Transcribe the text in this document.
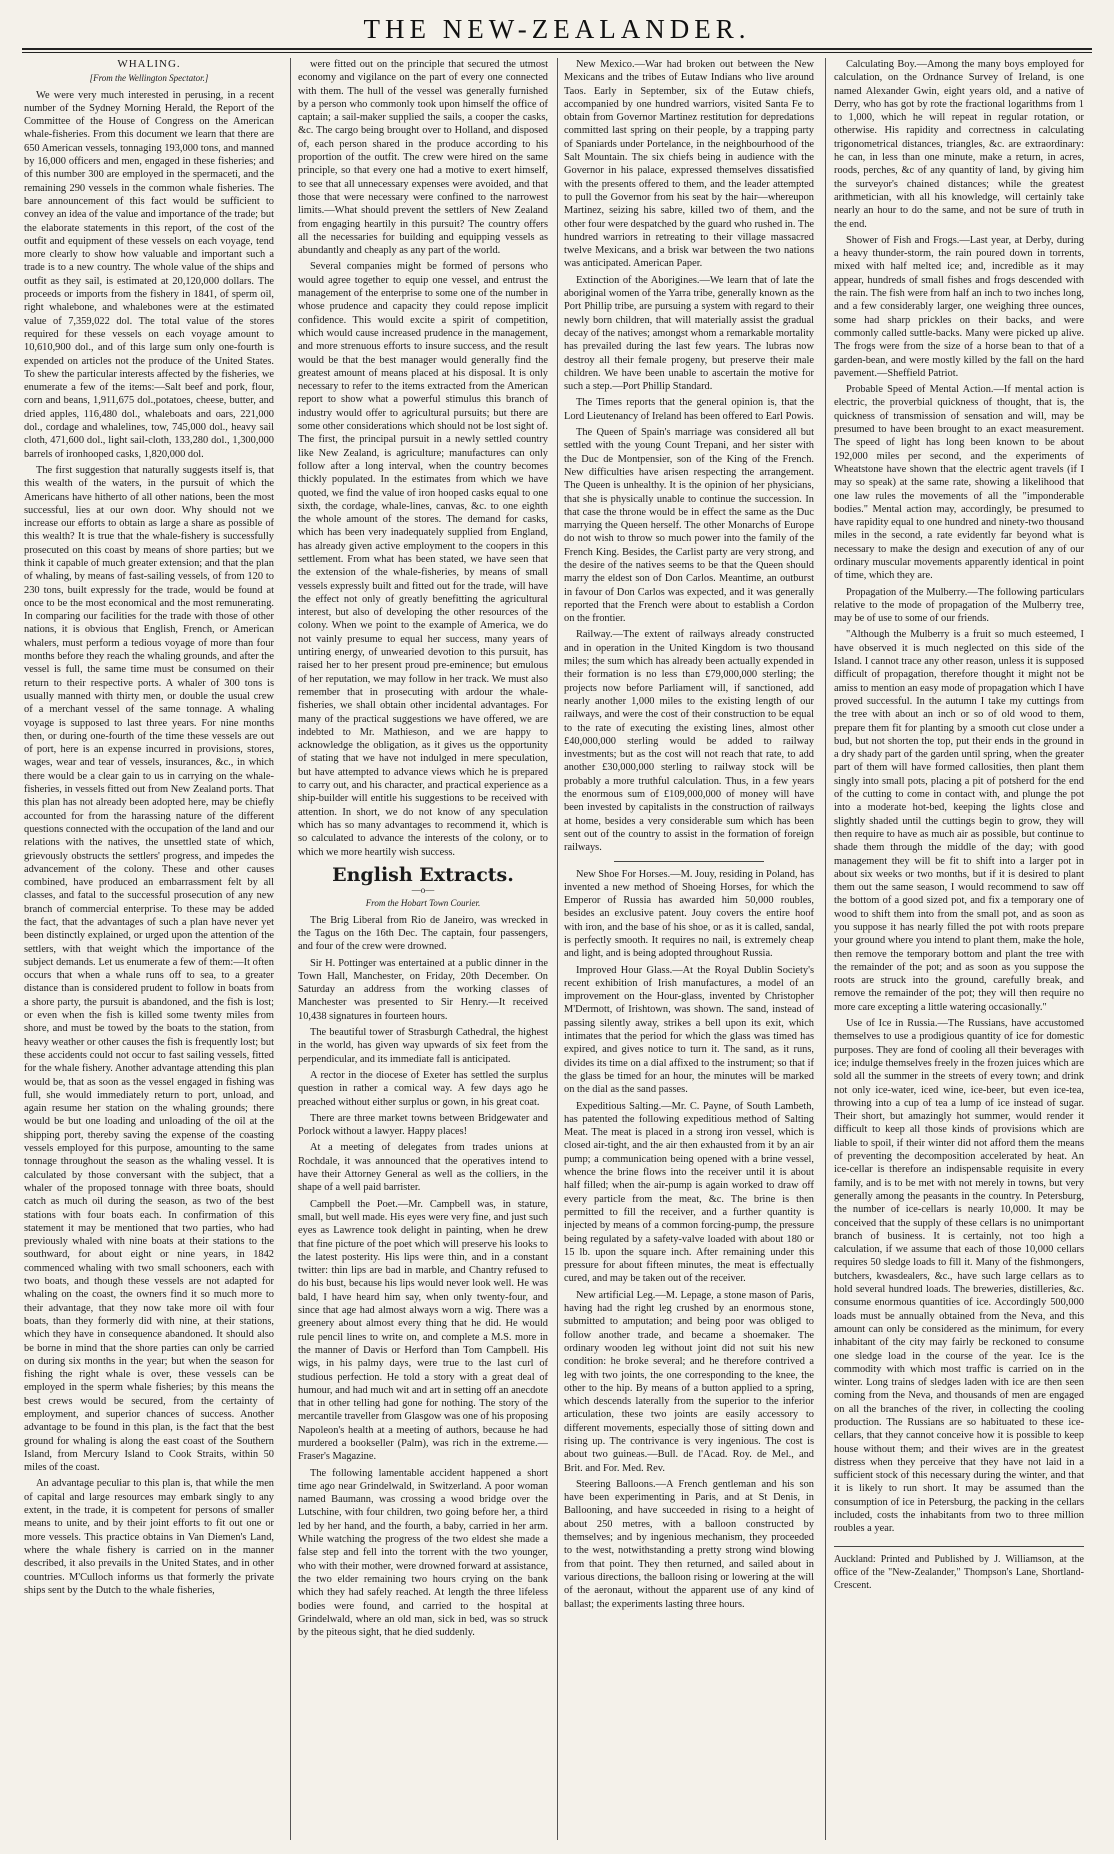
THE NEW-ZEALANDER.
WHALING.
[From the Wellington Spectator.]

We were very much interested in perusing, in a recent number of the Sydney Morning Herald, the Report of the Committee of the House of Congress on the American whale-fisheries. From this document we learn that there are 650 American vessels, tonnaging 193,000 tons, and manned by 16,000 officers and men, engaged in these fisheries; and of this number 300 are employed in the spermaceti, and the remaining 290 vessels in the common whale fisheries. The bare announcement of this fact would be sufficient to convey an idea of the value and importance of the trade; but the elaborate statements in this report, of the cost of the outfit and equipment of these vessels on each voyage, tend more clearly to show how valuable and important such a trade is to a new country. The whole value of the ships and outfit as they sail, is estimated at 20,120,000 dollars. The proceeds or imports from the fishery in 1841, of sperm oil, right whalebone, and whalebones were at the estimated value of 7,359,022 dol. The total value of the stores required for these vessels on each voyage amount to 10,610,900 dol., and of this large sum only one-fourth is expended on articles not the produce of the United States. To shew the particular interests affected by the fisheries, we enumerate a few of the items:—Salt beef and pork, flour, corn and beans, 1,911,675 dol.,potatoes, cheese, butter, and dried apples, 116,480 dol., whaleboats and oars, 221,000 dol., cordage and whalelines, tow, 745,000 dol., heavy sail cloth, 471,600 dol., light sail-cloth, 133,280 dol., 1,300,000 barrels of ironhooped casks, 1,820,000 dol.

The first suggestion that naturally suggests itself is, that this wealth of the waters, in the pursuit of which the Americans have hitherto of all other nations, been the most successful, lies at our own door. Why should not we increase our efforts to obtain as large a share as possible of this wealth? It is true that the whale-fishery is successfully prosecuted on this coast by means of shore parties; but we think it capable of much greater extension; and that the plan of whaling, by means of fast-sailing vessels, of from 120 to 230 tons, built expressly for the trade, would be found at once to be the most economical and the most remunerating. In comparing our facilities for the trade with those of other nations, it is obvious that English, French, or American whalers, must perform a tedious voyage of more than four months before they reach the whaling grounds, and after the vessel is full, the same time must be consumed on their return to their respective ports. A whaler of 300 tons is usually manned with thirty men, or double the usual crew of a merchant vessel of the same tonnage. A whaling voyage is supposed to last three years. For nine months then, or during one-fourth of the time these vessels are out of port, here is an expense incurred in provisions, stores, wages, wear and tear of vessels, insurances, &c., in which there would be a clear gain to us in carrying on the whale-fisheries, in vessels fitted out from New Zealand ports. That this plan has not already been adopted here, may be chiefly accounted for from the harassing nature of the different questions connected with the occupation of the land and our relations with the natives, the unsettled state of which, grievously obstructs the settlers' progress, and impedes the advancement of the colony. These and other causes combined, have produced an embarrassment felt by all classes, and fatal to the successful prosecution of any new branch of commercial enterprise. To these may be added the fact, that the advantages of such a plan have never yet been distinctly explained, or urged upon the attention of the settlers, with that weight which the importance of the subject demands. Let us enumerate a few of them:—It often occurs that when a whale runs off to sea, to a greater distance than is considered prudent to follow in boats from a shore party, the pursuit is abandoned, and the fish is lost; or even when the fish is killed some twenty miles from shore, and must be towed by the boats to the station, from heavy weather or other causes the fish is frequently lost; but these accidents could not occur to fast sailing vessels, fitted for the whale fishery. Another advantage attending this plan would be, that as soon as the vessel engaged in fishing was full, she would immediately return to port, unload, and again resume her station on the whaling grounds; there would be but one loading and unloading of the oil at the shipping port, thereby saving the expense of the coasting vessels employed for this purpose, amounting to the same tonnage throughout the season as the whaling vessel. It is calculated by those conversant with the subject, that a whaler of the proposed tonnage with three boats, should catch as much oil during the season, as two of the best stations with four boats each. In confirmation of this statement it may be mentioned that two parties, who had previously whaled with nine boats at their stations to the southward, for about eight or nine years, in 1842 commenced whaling with two small schooners, each with two boats, and though these vessels are not adapted for whaling on the coast, the owners find it so much more to their advantage, that they now take more oil with four boats, than they formerly did with nine, at their stations, which they have in consequence abandoned. It should also be borne in mind that the shore parties can only be carried on during six months in the year; but when the season for fishing the right whale is over, these vessels can be employed in the sperm whale fisheries; by this means the best crews would be secured, from the certainty of employment, and superior chances of success. Another advantage to be found in this plan, is the fact that the best ground for whaling is along the east coast of the Southern Island, from Mercury Island to Cook Straits, within 50 miles of the coast.

An advantage peculiar to this plan is, that while the men of capital and large resources may embark singly to any extent, in the trade, it is competent for persons of smaller means to unite, and by their joint efforts to fit out one or more vessels. This practice obtains in Van Diemen's Land, where the whale fishery is carried on in the manner described, it also prevails in the United States, and in other countries. M'Culloch informs us that formerly the private ships sent by the Dutch to the whale fisheries,

were fitted out on the principle that secured the utmost economy and vigilance on the part of every one connected with them. The hull of the vessel was generally furnished by a person who commonly took upon himself the office of captain; a sail-maker supplied the sails, a cooper the casks, &c. The cargo being brought over to Holland, and disposed of, each person shared in the produce according to his proportion of the outfit. The crew were hired on the same principle, so that every one had a motive to exert himself, to see that all unnecessary expenses were avoided, and that those that were necessary were confined to the narrowest limits.—What should prevent the settlers of New Zealand from engaging heartily in this pursuit? The country offers all the necessaries for building and equipping vessels as abundantly and cheaply as any part of the world.

Several companies might be formed of persons who would agree together to equip one vessel, and entrust the management of the enterprise to some one of the number in whose prudence and capacity they could repose implicit confidence. This would excite a spirit of competition, which would cause increased prudence in the management, and more strenuous efforts to insure success, and the result would be that the best manager would generally find the greatest amount of means placed at his disposal. It is only necessary to refer to the items extracted from the American report to show what a powerful stimulus this branch of industry would offer to agricultural pursuits; but there are some other considerations which should not be lost sight of. The first, the principal pursuit in a newly settled country like New Zealand, is agriculture; manufactures can only follow after a long interval, when the country becomes thickly populated. In the estimates from which we have quoted, we find the value of iron hooped casks equal to one sixth, the cordage, whale-lines, canvas, &c. to one eighth the whole amount of the stores. The demand for casks, which has been very inadequately supplied from England, has already given active employment to the coopers in this settlement. From what has been stated, we have seen that the extension of the whale-fisheries, by means of small vessels expressly built and fitted out for the trade, will have the effect not only of greatly benefitting the agricultural interest, but also of developing the other resources of the colony. When we point to the example of America, we do not vainly presume to equal her success, many years of untiring energy, of unwearied devotion to this pursuit, has raised her to her present proud pre-eminence; but emulous of her reputation, we may follow in her track. We must also remember that in prosecuting with ardour the whale-fisheries, we shall obtain other incidental advantages. For many of the practical suggestions we have offered, we are indebted to Mr. Mathieson, and we are happy to acknowledge the obligation, as it gives us the opportunity of stating that we have not indulged in mere speculation, but have attempted to advance views which he is prepared to carry out, and his character, and practical experience as a ship-builder will entitle his suggestions to be received with attention. In short, we do not know of any speculation which has so many advantages to recommend it, which is so calculated to advance the interests of the colony, or to which we more heartily wish success.

English Extracts.
—o—
From the Hobart Town Courier.

The Brig Liberal from Rio de Janeiro, was wrecked in the Tagus on the 16th Dec. The captain, four passengers, and four of the crew were drowned.

Sir H. Pottinger was entertained at a public dinner in the Town Hall, Manchester, on Friday, 20th December. On Saturday an address from the working classes of Manchester was presented to Sir Henry.—It received 10,438 signatures in fourteen hours.

The beautiful tower of Strasburgh Cathedral, the highest in the world, has given way upwards of six feet from the perpendicular, and its immediate fall is anticipated.

A rector in the diocese of Exeter has settled the surplus question in rather a comical way. A few days ago he preached without either surplus or gown, in his great coat.

There are three market towns between Bridgewater and Porlock without a lawyer. Happy places!

At a meeting of delegates from trades unions at Rochdale, it was announced that the operatives intend to have their Attorney General as well as the colliers, in the shape of a well paid barrister.

Campbell the Poet.—Mr. Campbell was, in stature, small, but well made. His eyes were very fine, and just such eyes as Lawrence took delight in painting, when he drew that fine picture of the poet which will preserve his looks to the latest posterity. His lips were thin, and in a constant twitter: thin lips are bad in marble, and Chantry refused to do his bust, because his lips would never look well. He was bald, I have heard him say, when only twenty-four, and since that age had almost always worn a wig. There was a greenery about almost every thing that he did. He would rule pencil lines to write on, and complete a M.S. more in the manner of Davis or Herford than Tom Campbell. His wigs, in his palmy days, were true to the last curl of studious perfection. He told a story with a great deal of humour, and had much wit and art in setting off an anecdote that in other telling had gone for nothing. The story of the mercantile traveller from Glasgow was one of his proposing Napoleon's health at a meeting of authors, because he had murdered a bookseller (Palm), was rich in the extreme.—Fraser's Magazine.

The following lamentable accident happened a short time ago near Grindelwald, in Switzerland. A poor woman named Baumann, was crossing a wood bridge over the Lutschine, with four children, two going before her, a third led by her hand, and the fourth, a baby, carried in her arm. While watching the progress of the two eldest she made a false step and fell into the torrent with the two younger, who with their mother, were drowned forward at assistance, the two elder remaining two hours crying on the bank which they had safely reached. At length the three lifeless bodies were found, and carried to the hospital at Grindelwald, where an old man, sick in bed, was so struck by the piteous sight, that he died suddenly.

New Mexico.—War had broken out between the New Mexicans and the tribes of Eutaw Indians who live around Taos. Early in September, six of the Eutaw chiefs, accompanied by one hundred warriors, visited Santa Fe to obtain from Governor Martinez restitution for depredations committed last spring on their people, by a trapping party of Spaniards under Portelance, in the neighbourhood of the Salt Mountain. The six chiefs being in audience with the Governor in his palace, expressed themselves dissatisfied with the presents offered to them, and the leader attempted to pull the Governor from his seat by the hair—whereupon Martinez, seizing his sabre, killed two of them, and the other four were despatched by the guard who rushed in. The hundred warriors in retreating to their village massacred twelve Mexicans, and a brisk war between the two nations was anticipated. American Paper.

Extinction of the Aborigines.—We learn that of late the aboriginal women of the Yarra tribe, generally known as the Port Phillip tribe, are pursuing a system with regard to their newly born children, that will materially assist the gradual decay of the natives; amongst whom a remarkable mortality has prevailed during the last few years. The lubras now destroy all their female progeny, but preserve their male children. We have been unable to ascertain the motive for such a step.—Port Phillip Standard.

The Times reports that the general opinion is, that the Lord Lieutenancy of Ireland has been offered to Earl Powis.

The Queen of Spain's marriage was considered all but settled with the young Count Trepani, and her sister with the Duc de Montpensier, son of the King of the French. New difficulties have arisen respecting the arrangement. The Queen is unhealthy. It is the opinion of her physicians, that she is physically unable to continue the succession. In that case the throne would be in effect the same as the Duc marrying the Queen herself. The other Monarchs of Europe do not wish to throw so much power into the family of the French King. Besides, the Carlist party are very strong, and the desire of the natives seems to be that the Queen should marry the eldest son of Don Carlos. Meantime, an outburst in favour of Don Carlos was expected, and it was generally reported that the French were about to establish a Cordon on the frontier.

Railway.—The extent of railways already constructed and in operation in the United Kingdom is two thousand miles; the sum which has already been actually expended in their formation is no less than £79,000,000 sterling; the projects now before Parliament will, if sanctioned, add nearly another 1,000 miles to the existing length of our railways, and were the cost of their construction to be equal to the rate of executing the existing lines, almost other £40,000,000 sterling would be added to railway investments; but as the cost will not reach that rate, to add another £30,000,000 sterling to railway stock will be probably a more truthful calculation. Thus, in a few years the enormous sum of £109,000,000 of money will have been invested by capitalists in the construction of railways at home, besides a very considerable sum which has been sent out of the country to assist in the formation of foreign railways.

New Shoe For Horses.—M. Jouy, residing in Poland, has invented a new method of Shoeing Horses, for which the Emperor of Russia has awarded him 50,000 roubles, besides an exclusive patent. Jouy covers the entire hoof with iron, and the base of his shoe, or as it is called, sandal, is perfectly smooth. It requires no nail, is extremely cheap and light, and is being adopted throughout Russia.

Improved Hour Glass.—At the Royal Dublin Society's recent exhibition of Irish manufactures, a model of an improvement on the Hour-glass, invented by Christopher M'Dermott, of Irishtown, was shown. The sand, instead of passing silently away, strikes a bell upon its exit, which intimates that the period for which the glass was timed has expired, and gives notice to turn it. The sand, as it runs, divides its time on a dial affixed to the instrument; so that if the glass be timed for an hour, the minutes will be marked on the dial as the sand passes.

Expeditious Salting.—Mr. C. Payne, of South Lambeth, has patented the following expeditious method of Salting Meat. The meat is placed in a strong iron vessel, which is closed air-tight, and the air then exhausted from it by an air pump; a communication being opened with a brine vessel, whence the brine flows into the receiver until it is about half filled; when the air-pump is again worked to draw off every particle from the meat, &c. The brine is then permitted to fill the receiver, and a further quantity is injected by means of a common forcing-pump, the pressure being regulated by a safety-valve loaded with about 180 or 15 lb. upon the square inch. After remaining under this pressure for about fifteen minutes, the meat is effectually cured, and may be taken out of the receiver.

New artificial Leg.—M. Lepage, a stone mason of Paris, having had the right leg crushed by an enormous stone, submitted to amputation; and being poor was obliged to follow another trade, and became a shoemaker. The ordinary wooden leg without joint did not suit his new condition: he broke several; and he therefore contrived a leg with two joints, the one corresponding to the knee, the other to the hip. By means of a button applied to a spring, which descends laterally from the superior to the inferior articulation, these two joints are easily accessory to different movements, especially those of sitting down and rising up. The contrivance is very ingenious. The cost is about two guineas.—Bull. de l'Acad. Roy. de Mel., and Brit. and For. Med. Rev.

Steering Balloons.—A French gentleman and his son have been experimenting in Paris, and at St Denis, in Ballooning, and have succeeded in rising to a height of about 250 metres, with a balloon constructed by themselves; and by ingenious mechanism, they proceeded to the west, notwithstanding a pretty strong wind blowing from that point. They then returned, and sailed about in various directions, the balloon rising or lowering at the will of the aeronaut, without the apparent use of any kind of ballast; the experiments lasting three hours.

Calculating Boy.—Among the many boys employed for calculation, on the Ordnance Survey of Ireland, is one named Alexander Gwin, eight years old, and a native of Derry, who has got by rote the fractional logarithms from 1 to 1,000, which he will repeat in regular rotation, or otherwise. His rapidity and correctness in calculating trigonometrical distances, triangles, &c. are extraordinary: he can, in less than one minute, make a return, in acres, roods, perches, &c of any quantity of land, by giving him the surveyor's chained distances; while the greatest arithmetician, with all his knowledge, will certainly take nearly an hour to do the same, and not be sure of truth in the end.

Shower of Fish and Frogs.—Last year, at Derby, during a heavy thunder-storm, the rain poured down in torrents, mixed with half melted ice; and, incredible as it may appear, hundreds of small fishes and frogs descended with the rain. The fish were from half an inch to two inches long, and a few considerably larger, one weighing three ounces, some had sharp prickles on their backs, and were commonly called suttle-backs. Many were picked up alive. The frogs were from the size of a horse bean to that of a garden-bean, and were mostly killed by the fall on the hard pavement.—Sheffield Patriot.

Probable Speed of Mental Action.—If mental action is electric, the proverbial quickness of thought, that is, the quickness of transmission of sensation and will, may be presumed to have been brought to an exact measurement. The speed of light has long been known to be about 192,000 miles per second, and the experiments of Wheatstone have shown that the electric agent travels (if I may so speak) at the same rate, showing a likelihood that one law rules the movements of all the "imponderable bodies." Mental action may, accordingly, be presumed to have rapidity equal to one hundred and ninety-two thousand miles in the second, a rate evidently far beyond what is necessary to make the design and execution of any of our ordinary muscular movements apparently identical in point of time, which they are.

Propagation of the Mulberry.—The following particulars relative to the mode of propagation of the Mulberry tree, may be of use to some of our friends.

"Although the Mulberry is a fruit so much esteemed, I have observed it is much neglected on this side of the Island. I cannot trace any other reason, unless it is supposed difficult of propagation, therefore thought it might not be amiss to mention an easy mode of propagation which I have proved successful. In the autumn I take my cuttings from the tree with about an inch or so of old wood to them, prepare them fit for planting by a smooth cut close under a bud, but not shorten the top, put their ends in the ground in a dry shady part of the garden until spring, when the greater part of them will have formed callosities, then plant them singly into small pots, placing a pit of potsherd for the end of the cutting to come in contact with, and plunge the pot into a moderate hot-bed, keeping the lights close and slightly shaded until the cuttings begin to grow, they will then require to have as much air as possible, but continue to shade them through the middle of the day; with good management they will be fit to shift into a larger pot in about six weeks or two months, but if it is desired to plant them out the same season, I would recommend to saw off the bottom of a good sized pot, and fix a temporary one of wood to shift them into from the small pot, and as soon as you suppose it has nearly filled the pot with roots prepare your ground where you intend to plant them, make the hole, then remove the temporary bottom and plant the tree with the remainder of the pot; and as soon as you suppose the roots are struck into the ground, carefully break, and remove the remainder of the pot; they will then require no more care excepting a little watering occasionally."

Use of Ice in Russia.—The Russians, have accustomed themselves to use a prodigious quantity of ice for domestic purposes. They are fond of cooling all their beverages with ice; indulge themselves freely in the frozen juices which are sold all the summer in the streets of every town; and drink not only ice-water, iced wine, ice-beer, but even ice-tea, throwing into a cup of tea a lump of ice instead of sugar. Their short, but amazingly hot summer, would render it difficult to keep all those kinds of provisions which are liable to spoil, if their winter did not afford them the means of preventing the decomposition accelerated by heat. An ice-cellar is therefore an indispensable requisite in every family, and is to be met with not merely in towns, but very generally among the peasants in the country. In Petersburg, the number of ice-cellars is nearly 10,000. It may be conceived that the supply of these cellars is no unimportant branch of business. It is certainly, not too high a calculation, if we assume that each of those 10,000 cellars requires 50 sledge loads to fill it. Many of the fishmongers, butchers, kwasdealers, &c., have such large cellars as to hold several hundred loads. The breweries, distilleries, &c. consume enormous quantities of ice. Accordingly 500,000 loads must be annually obtained from the Neva, and this amount can only be considered as the minimum, for every inhabitant of the city may fairly be reckoned to consume one sledge load in the course of the year. Ice is the commodity with which most traffic is carried on in the winter. Long trains of sledges laden with ice are then seen coming from the Neva, and thousands of men are engaged on all the branches of the river, in collecting the cooling production. The Russians are so habituated to these ice-cellars, that they cannot conceive how it is possible to keep house without them; and their wives are in the greatest distress when they perceive that they have not laid in a sufficient stock of this necessary during the winter, and that it is likely to run short. It may be assumed than the consumption of ice in Petersburg, the packing in the cellars included, costs the inhabitants from two to three million roubles a year.

Auckland: Printed and Published by J. Williamson, at the office of the "New-Zealander," Thompson's Lane, Shortland-Crescent.
